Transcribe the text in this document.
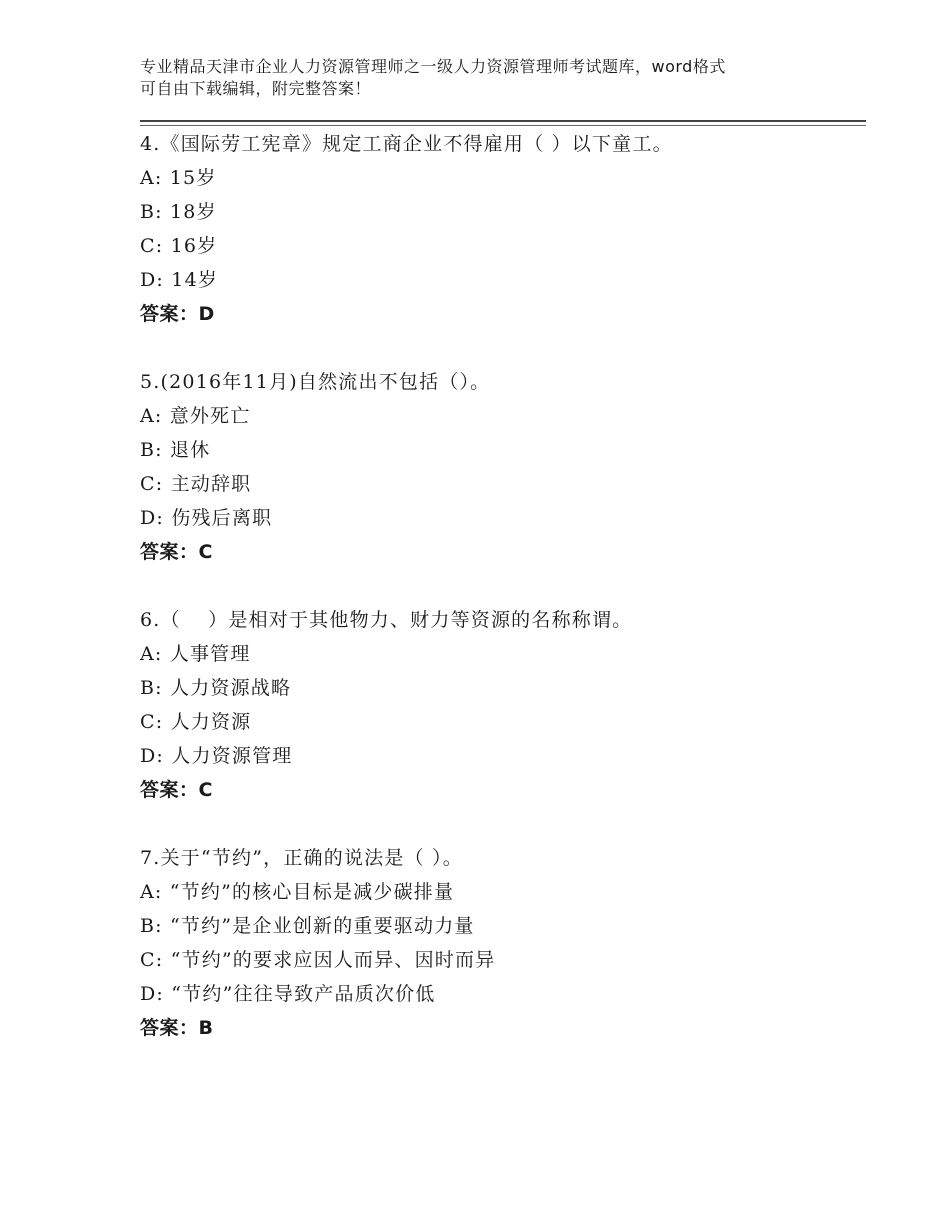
专业精品天津市企业人力资源管理师之一级人力资源管理师考试题库，word格式
可自由下载编辑，附完整答案！
4.《国际劳工宪章》规定工商企业不得雇用（ ）以下童工。
A: 15岁
B: 18岁
C: 16岁
D: 14岁
答案：D
5.(2016年11月)自然流出不包括（）。
A: 意外死亡
B: 退休
C: 主动辞职
D: 伤残后离职
答案：C
6.（　 ）是相对于其他物力、财力等资源的名称称谓。
A: 人事管理
B: 人力资源战略
C: 人力资源
D: 人力资源管理
答案：C
7.关于“节约”，正确的说法是（ ）。
A: “节约”的核心目标是减少碳排量
B: “节约”是企业创新的重要驱动力量
C: “节约”的要求应因人而异、因时而异
D: “节约”往往导致产品质次价低
答案：B
